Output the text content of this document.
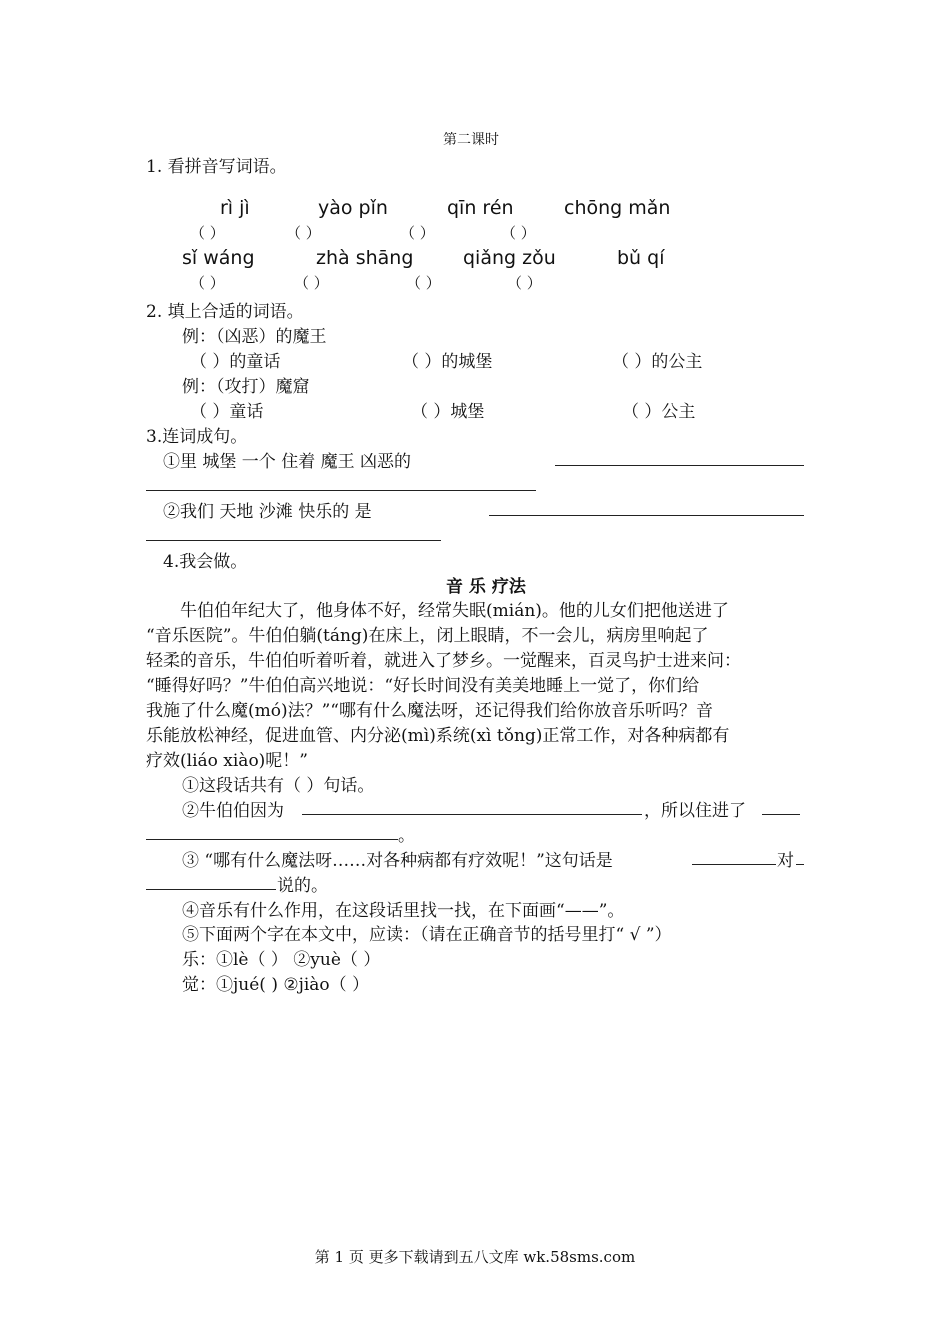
第二课时
1. 看拼音写词语。
rì jì	yào pǐn	qīn rén	chōng mǎn
（ ）	（ ）	（ ）	（ ）
sǐ wáng	zhà shāng	qiǎng zǒu	bǔ qí
（ ）	（ ）	（ ）	（ ）
2. 填上合适的词语。
例：（凶恶）的魔王
（ ）的童话	（ ）的城堡	（ ）的公主
例：（攻打）魔窟
（ ）童话	（ ）城堡	（ ）公主
3.连词成句。
①里 城堡 一个 住着 魔王 凶恶的
②我们 天地 沙滩 快乐的 是
4.我会做。
音 乐 疗法
　　牛伯伯年纪大了，他身体不好，经常失眠(mián)。他的儿女们把他送进了
“音乐医院”。牛伯伯躺(táng)在床上，闭上眼睛，不一会儿，病房里响起了
轻柔的音乐，牛伯伯听着听着，就进入了梦乡。一觉醒来，百灵鸟护士进来问：
“睡得好吗？”牛伯伯高兴地说：“好长时间没有美美地睡上一觉了，你们给
我施了什么魔(mó)法？”“哪有什么魔法呀，还记得我们给你放音乐听吗？音
乐能放松神经，促进血管、内分泌(mì)系统(xì tǒng)正常工作，对各种病都有
疗效(liáo xiào)呢！”
①这段话共有（ ）句话。
②牛伯伯因为	，所以住进了
。
③ “哪有什么魔法呀……对各种病都有疗效呢！”这句话是	对
说的。
④音乐有什么作用，在这段话里找一找，在下面画“——”。
⑤下面两个字在本文中，应读：（请在正确音节的括号里打“ √ ”）
乐：①lè（ ） ②yuè（ ）
觉：①jué( ) ②jiào（ ）
第 1 页 更多下载请到五八文库 wk.58sms.com
